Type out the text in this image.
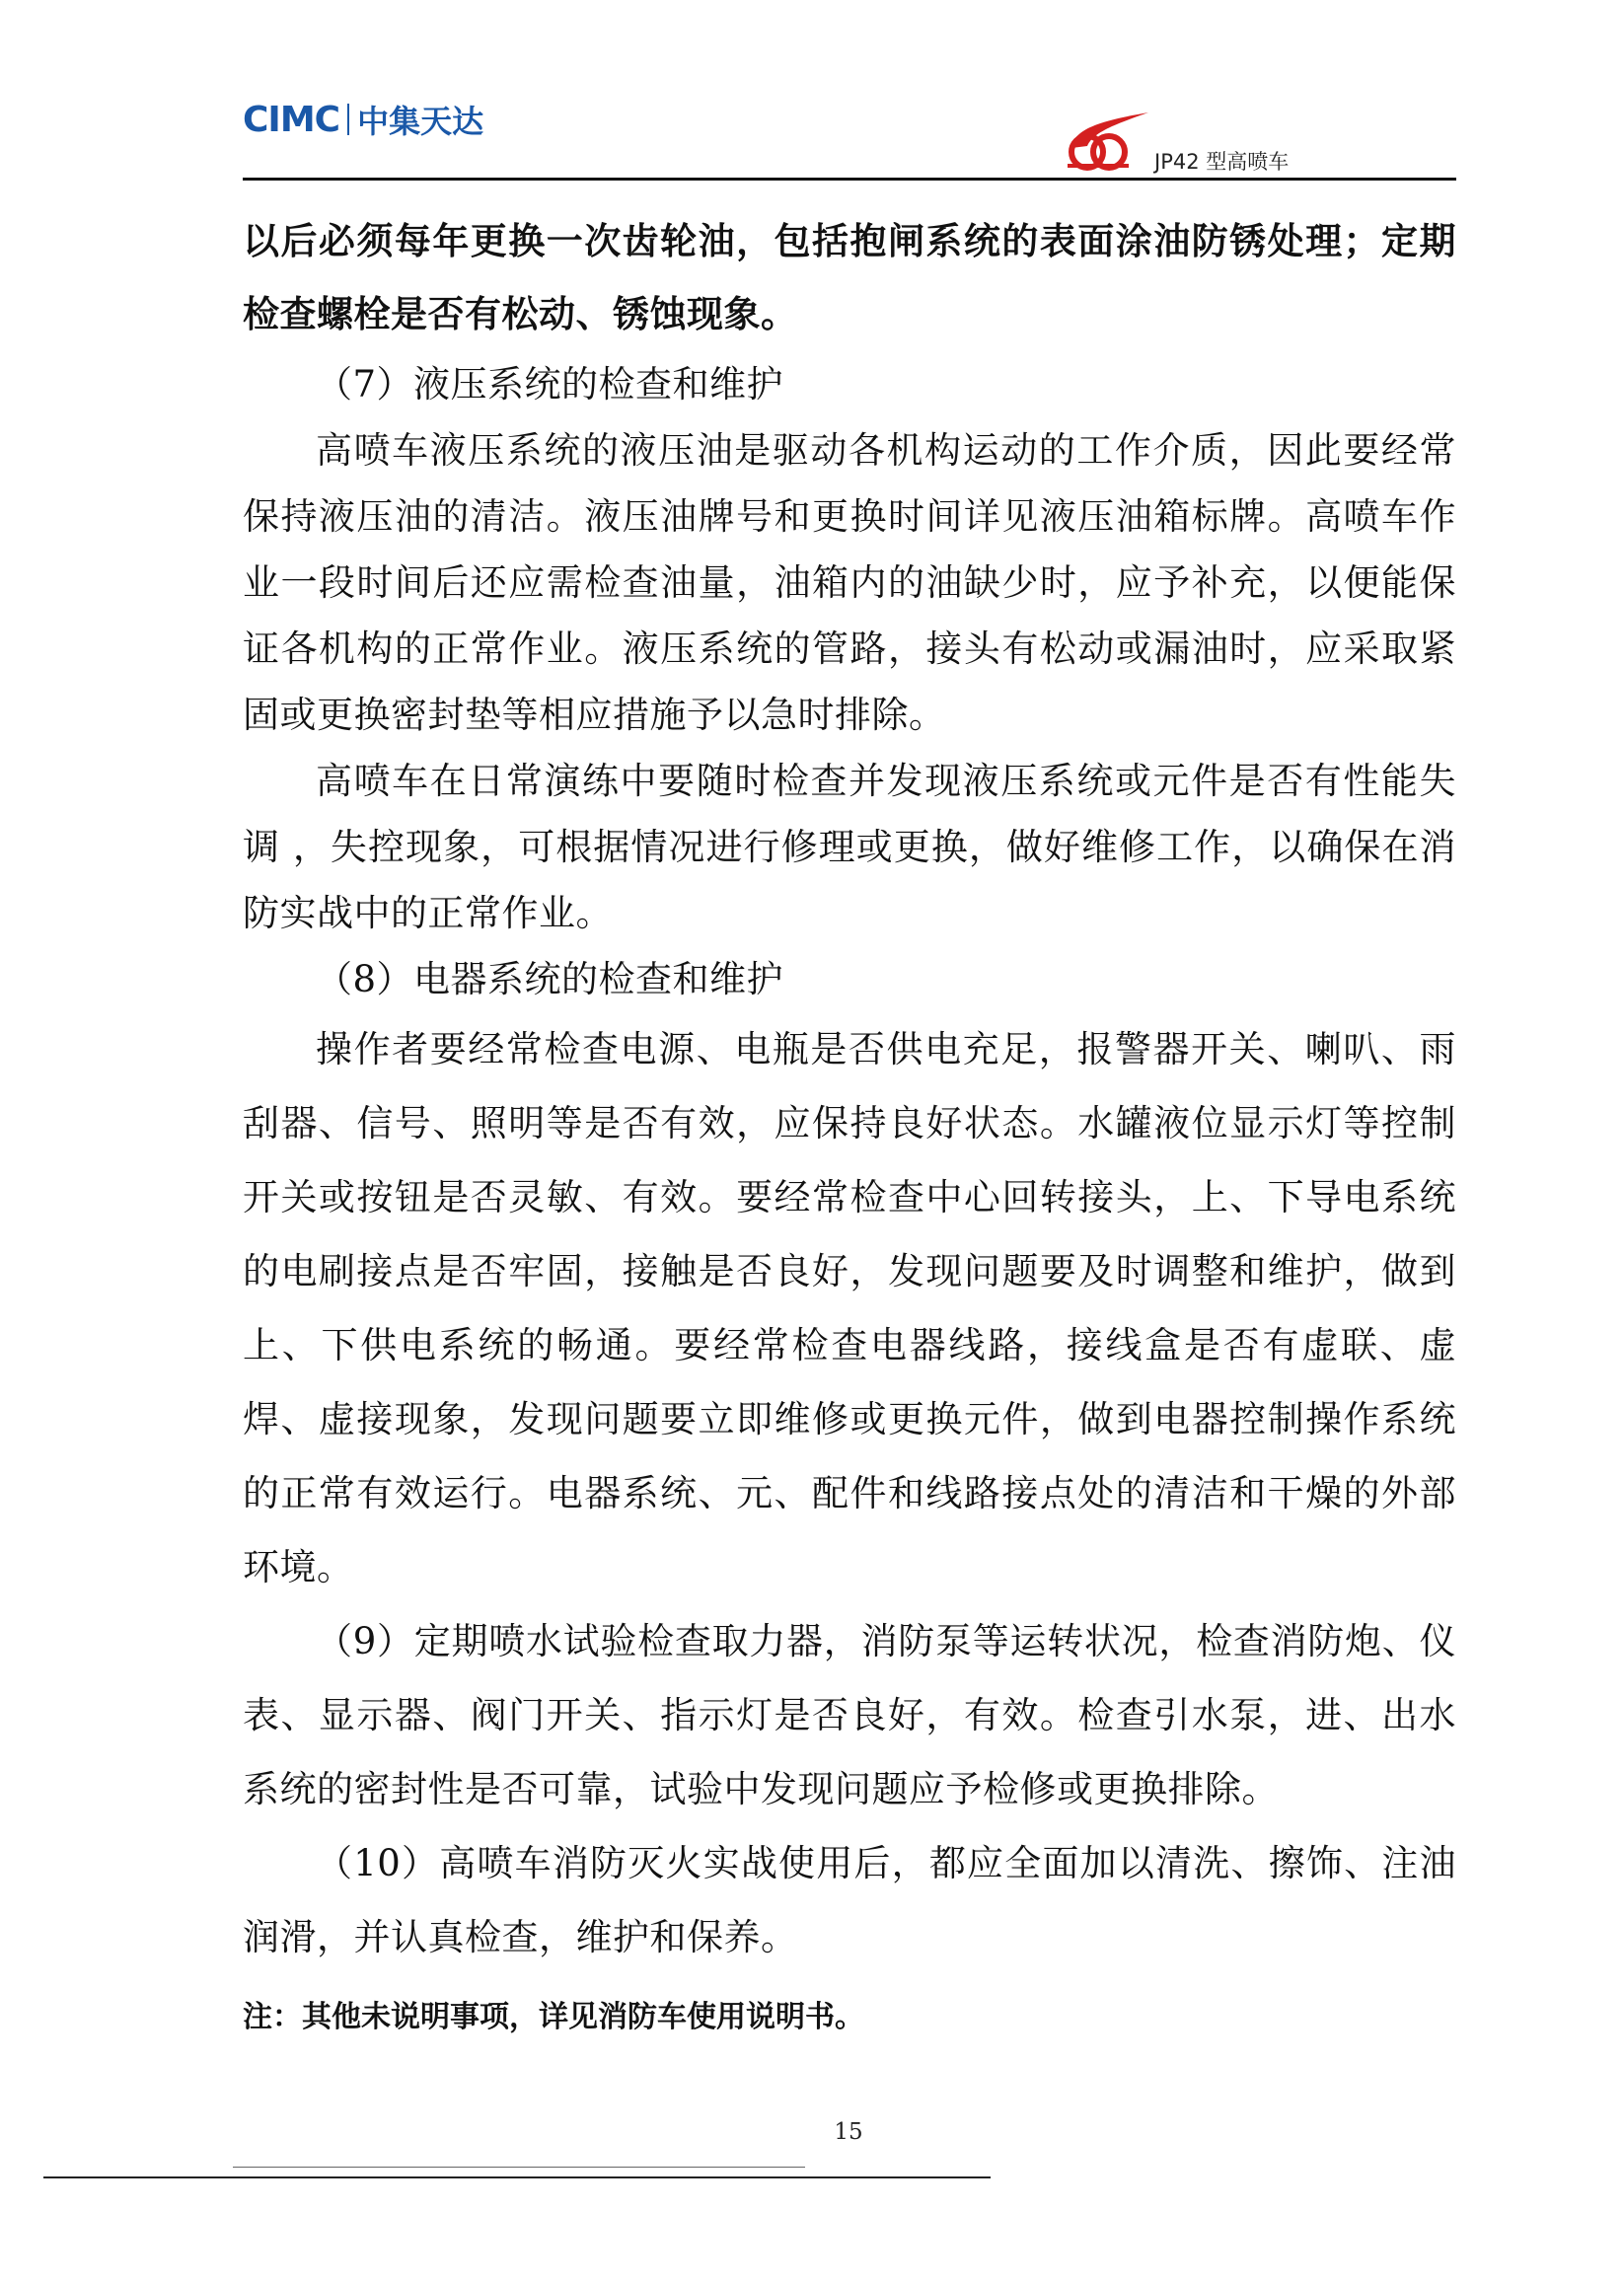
CIMC 中集天达
JP42 型高喷车

以后必须每年更换一次齿轮油，包括抱闸系统的表面涂油防锈处理；定期检查螺栓是否有松动、锈蚀现象。

（7）液压系统的检查和维护

高喷车液压系统的液压油是驱动各机构运动的工作介质，因此要经常保持液压油的清洁。液压油牌号和更换时间详见液压油箱标牌。高喷车作业一段时间后还应需检查油量，油箱内的油缺少时，应予补充，以便能保证各机构的正常作业。液压系统的管路，接头有松动或漏油时，应采取紧固或更换密封垫等相应措施予以急时排除。

高喷车在日常演练中要随时检查并发现液压系统或元件是否有性能失调 ，失控现象，可根据情况进行修理或更换，做好维修工作，以确保在消防实战中的正常作业。

（8）电器系统的检查和维护

操作者要经常检查电源、电瓶是否供电充足，报警器开关、喇叭、雨刮器、信号、照明等是否有效，应保持良好状态。水罐液位显示灯等控制开关或按钮是否灵敏、有效。要经常检查中心回转接头，上、下导电系统的电刷接点是否牢固，接触是否良好，发现问题要及时调整和维护，做到上、下供电系统的畅通。要经常检查电器线路，接线盒是否有虚联、虚焊、虚接现象，发现问题要立即维修或更换元件，做到电器控制操作系统的正常有效运行。电器系统、元、配件和线路接点处的清洁和干燥的外部环境。

（9）定期喷水试验检查取力器，消防泵等运转状况，检查消防炮、仪表、显示器、阀门开关、指示灯是否良好，有效。检查引水泵，进、出水系统的密封性是否可靠，试验中发现问题应予检修或更换排除。

（10）高喷车消防灭火实战使用后，都应全面加以清洗、擦饰、注油润滑，并认真检查，维护和保养。

注：其他未说明事项，详见消防车使用说明书。

15
